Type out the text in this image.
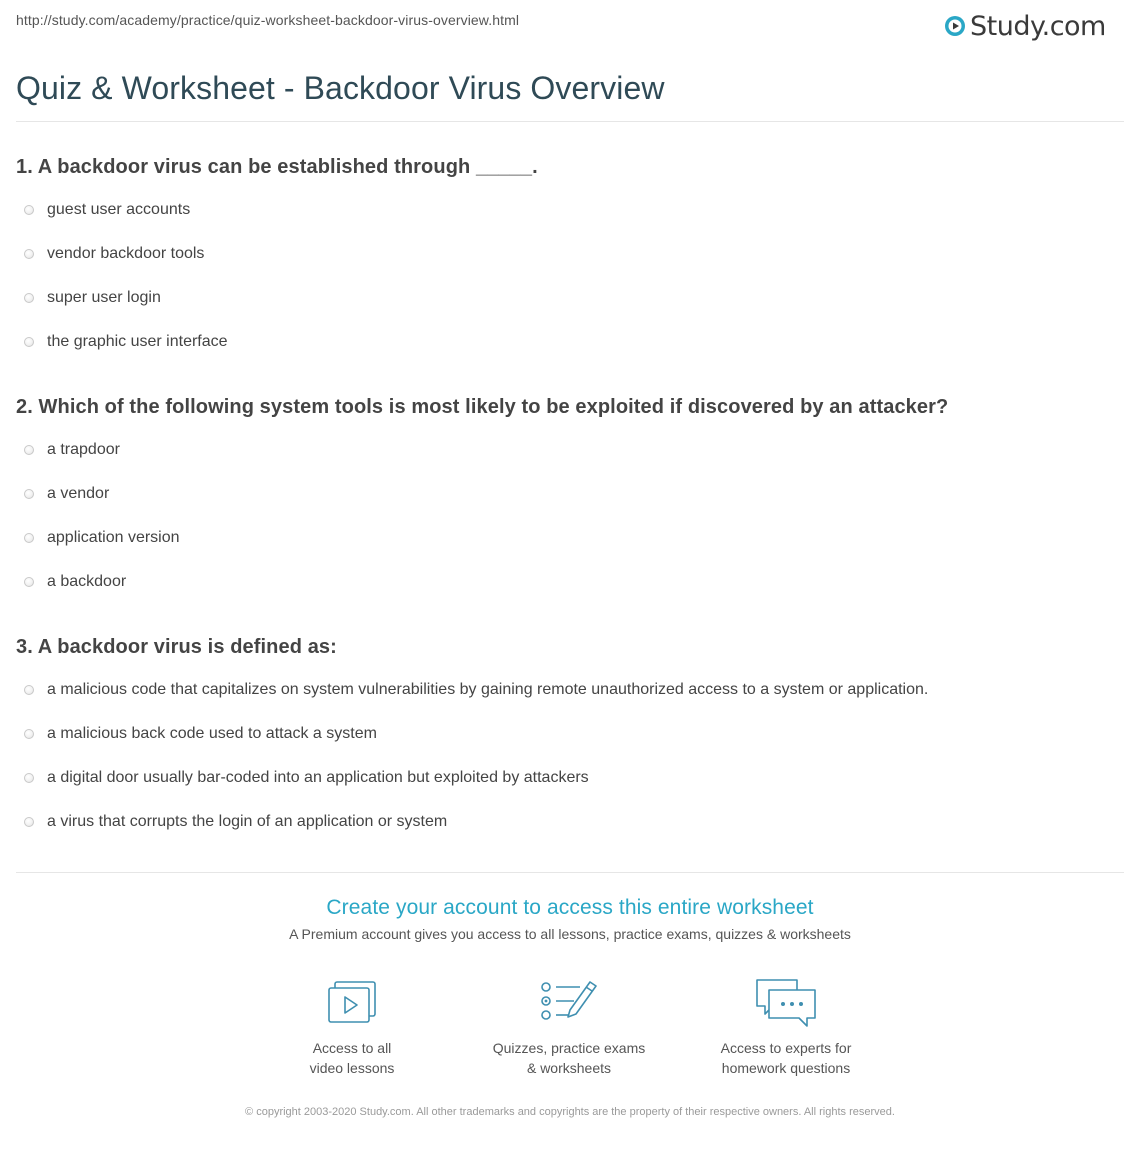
http://study.com/academy/practice/quiz-worksheet-backdoor-virus-overview.html	Study.com
Quiz & Worksheet - Backdoor Virus Overview

1. A backdoor virus can be established through _____.

guest user accounts
vendor backdoor tools
super user login
the graphic user interface

2. Which of the following system tools is most likely to be exploited if discovered by an attacker?

a trapdoor
a vendor
application version
a backdoor

3. A backdoor virus is defined as:

a malicious code that capitalizes on system vulnerabilities by gaining remote unauthorized access to a system or application.
a malicious back code used to attack a system
a digital door usually bar-coded into an application but exploited by attackers
a virus that corrupts the login of an application or system

Create your account to access this entire worksheet

A Premium account gives you access to all lessons, practice exams, quizzes & worksheets

Access to all
video lessons
Quizzes, practice exams
& worksheets
Access to experts for
homework questions
© copyright 2003-2020 Study.com. All other trademarks and copyrights are the property of their respective owners. All rights reserved.
